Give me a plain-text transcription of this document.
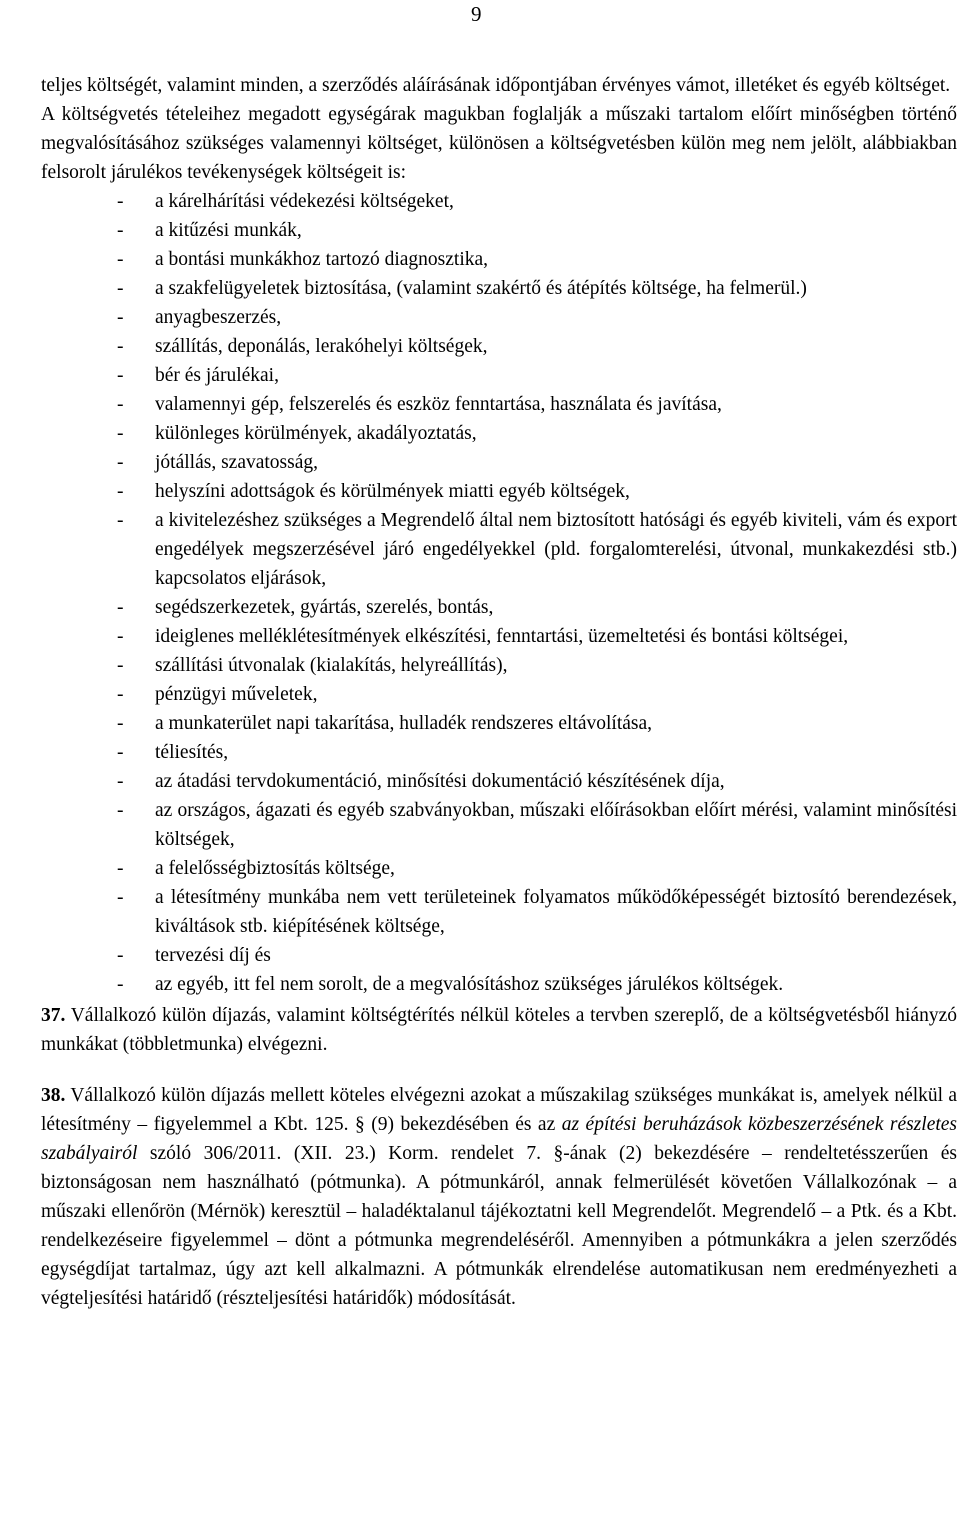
9

teljes költségét, valamint minden, a szerződés aláírásának időpontjában érvényes vámot, illetéket és egyéb költséget.

A költségvetés tételeihez megadott egységárak magukban foglalják a műszaki tartalom előírt minőségben történő megvalósításához szükséges valamennyi költséget, különösen a költségvetésben külön meg nem jelölt, alábbiakban felsorolt járulékos tevékenységek költségeit is:

- a kárelhárítási védekezési költségeket,
- a kitűzési munkák,
- a bontási munkákhoz tartozó diagnosztika,
- a szakfelügyeletek biztosítása, (valamint szakértő és átépítés költsége, ha felmerül.)
- anyagbeszerzés,
- szállítás, deponálás, lerakóhelyi költségek,
- bér és járulékai,
- valamennyi gép, felszerelés és eszköz fenntartása, használata és javítása,
- különleges körülmények, akadályoztatás,
- jótállás, szavatosság,
- helyszíni adottságok és körülmények miatti egyéb költségek,
- a kivitelezéshez szükséges a Megrendelő által nem biztosított hatósági és egyéb kiviteli, vám és export engedélyek megszerzésével járó engedélyekkel (pld. forgalomterelési, útvonal, munkakezdési stb.) kapcsolatos eljárások,
- segédszerkezetek, gyártás, szerelés, bontás,
- ideiglenes melléklétesítmények elkészítési, fenntartási, üzemeltetési és bontási költségei,
- szállítási útvonalak (kialakítás, helyreállítás),
- pénzügyi műveletek,
- a munkaterület napi takarítása, hulladék rendszeres eltávolítása,
- téliesítés,
- az átadási tervdokumentáció, minősítési dokumentáció készítésének díja,
- az országos, ágazati és egyéb szabványokban, műszaki előírásokban előírt mérési, valamint minősítési költségek,
- a felelősségbiztosítás költsége,
- a létesítmény munkába nem vett területeinek folyamatos működőképességét biztosító berendezések, kiváltások stb. kiépítésének költsége,
- tervezési díj és
- az egyéb, itt fel nem sorolt, de a megvalósításhoz szükséges járulékos költségek.

37. Vállalkozó külön díjazás, valamint költségtérítés nélkül köteles a tervben szereplő, de a költségvetésből hiányzó munkákat (többletmunka) elvégezni.

38. Vállalkozó külön díjazás mellett köteles elvégezni azokat a műszakilag szükséges munkákat is, amelyek nélkül a létesítmény – figyelemmel a Kbt. 125. § (9) bekezdésében és az az építési beruházások közbeszerzésének részletes szabályairól szóló 306/2011. (XII. 23.) Korm. rendelet 7. §-ának (2) bekezdésére – rendeltetésszerűen és biztonságosan nem használható (pótmunka). A pótmunkáról, annak felmerülését követően Vállalkozónak – a műszaki ellenőrön (Mérnök) keresztül – haladéktalanul tájékoztatni kell Megrendelőt. Megrendelő – a Ptk. és a Kbt. rendelkezéseire figyelemmel – dönt a pótmunka megrendeléséről. Amennyiben a pótmunkákra a jelen szerződés egységdíjat tartalmaz, úgy azt kell alkalmazni. A pótmunkák elrendelése automatikusan nem eredményezheti a végteljesítési határidő (részteljesítési határidők) módosítását.
